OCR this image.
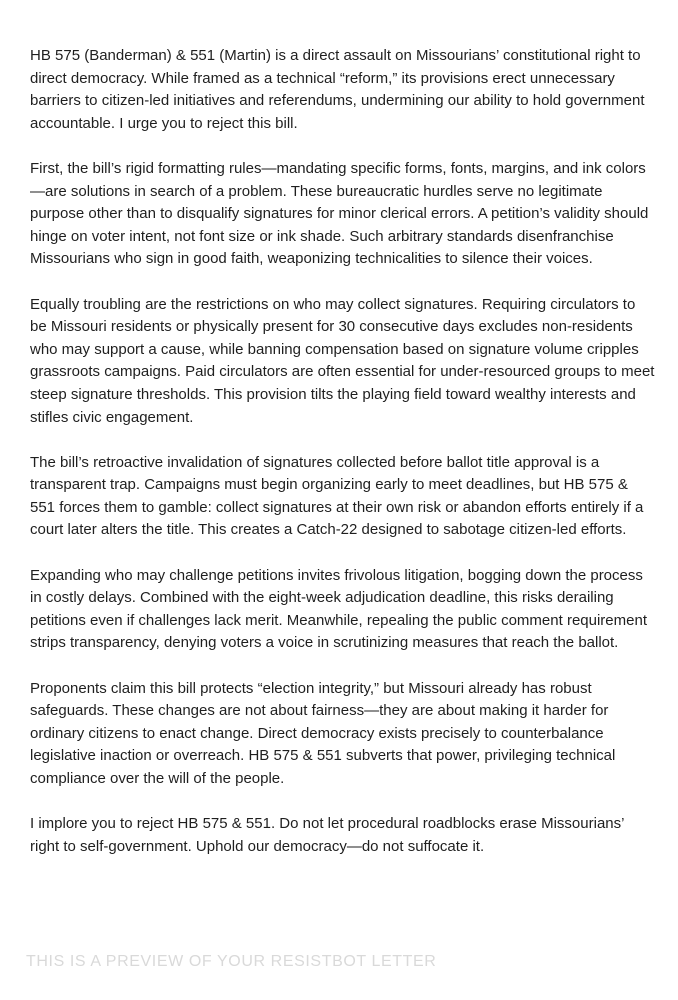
HB 575 (Banderman) & 551 (Martin) is a direct assault on Missourians’ constitutional right to direct democracy. While framed as a technical “reform,” its provisions erect unnecessary barriers to citizen-led initiatives and referendums, undermining our ability to hold government accountable. I urge you to reject this bill.

First, the bill’s rigid formatting rules—mandating specific forms, fonts, margins, and ink colors—are solutions in search of a problem. These bureaucratic hurdles serve no legitimate purpose other than to disqualify signatures for minor clerical errors. A petition’s validity should hinge on voter intent, not font size or ink shade. Such arbitrary standards disenfranchise Missourians who sign in good faith, weaponizing technicalities to silence their voices.

Equally troubling are the restrictions on who may collect signatures. Requiring circulators to be Missouri residents or physically present for 30 consecutive days excludes non-residents who may support a cause, while banning compensation based on signature volume cripples grassroots campaigns. Paid circulators are often essential for under-resourced groups to meet steep signature thresholds. This provision tilts the playing field toward wealthy interests and stifles civic engagement.

The bill’s retroactive invalidation of signatures collected before ballot title approval is a transparent trap. Campaigns must begin organizing early to meet deadlines, but HB 575 & 551 forces them to gamble: collect signatures at their own risk or abandon efforts entirely if a court later alters the title. This creates a Catch-22 designed to sabotage citizen-led efforts.

Expanding who may challenge petitions invites frivolous litigation, bogging down the process in costly delays. Combined with the eight-week adjudication deadline, this risks derailing petitions even if challenges lack merit. Meanwhile, repealing the public comment requirement strips transparency, denying voters a voice in scrutinizing measures that reach the ballot.

Proponents claim this bill protects “election integrity,” but Missouri already has robust safeguards. These changes are not about fairness—they are about making it harder for ordinary citizens to enact change. Direct democracy exists precisely to counterbalance legislative inaction or overreach. HB 575 & 551 subverts that power, privileging technical compliance over the will of the people.

I implore you to reject HB 575 & 551. Do not let procedural roadblocks erase Missourians’ right to self-government. Uphold our democracy—do not suffocate it.

THIS IS A PREVIEW OF YOUR RESISTBOT LETTER
